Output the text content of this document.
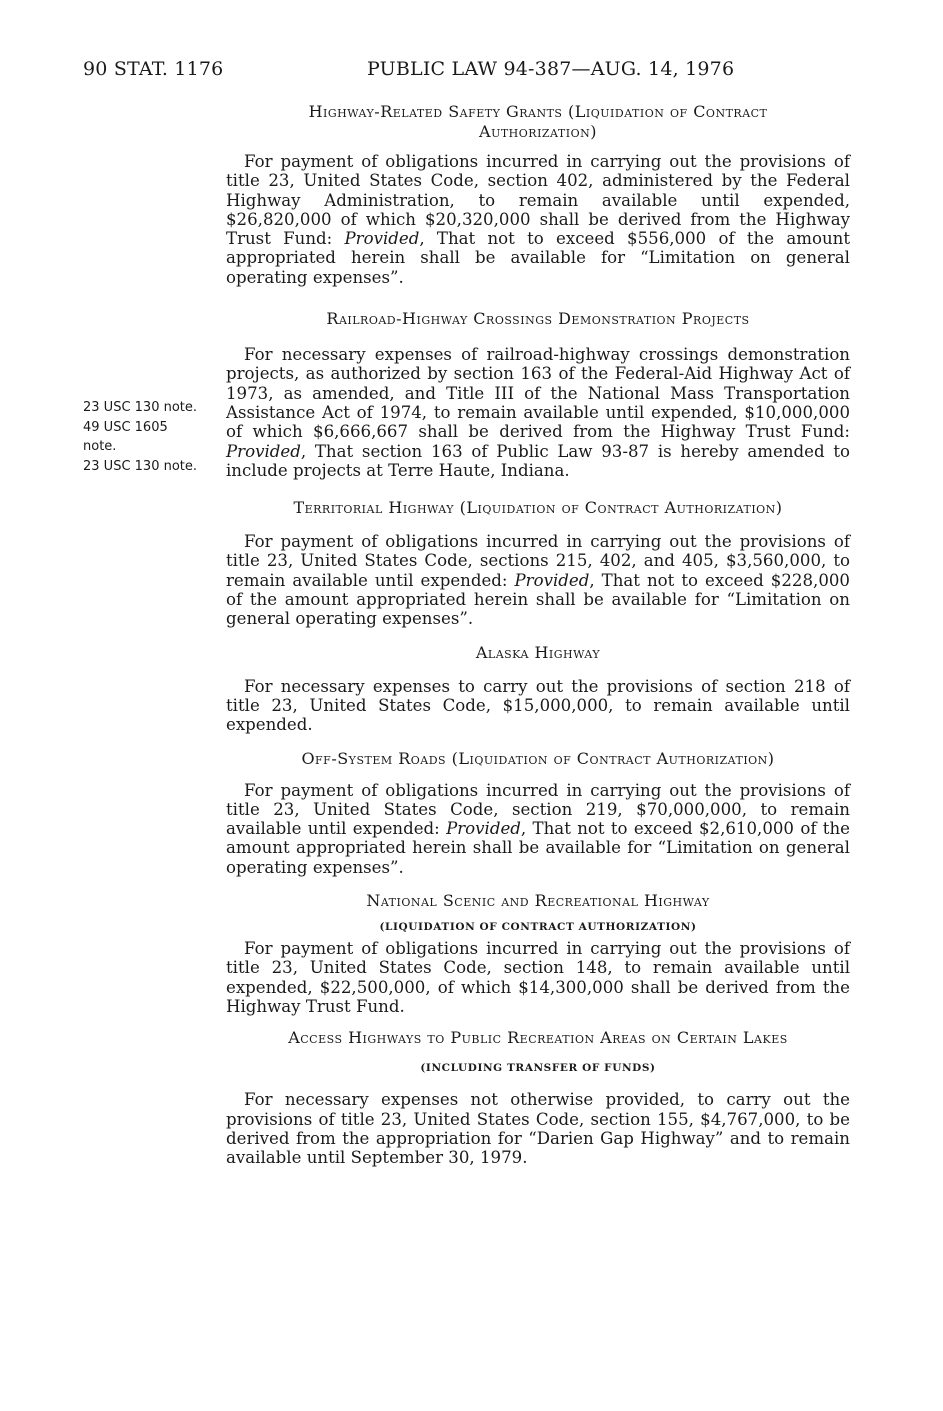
90 STAT. 1176	PUBLIC LAW 94-387—AUG. 14, 1976
23 USC 130 note.
49 USC 1605
note.
23 USC 130 note.

Highway-Related Safety Grants (Liquidation of Contract Authorization)

For payment of obligations incurred in carrying out the provisions of title 23, United States Code, section 402, administered by the Federal Highway Administration, to remain available until expended, $26,820,000 of which $20,320,000 shall be derived from the Highway Trust Fund: Provided, That not to exceed $556,000 of the amount appropriated herein shall be available for “Limitation on general operating expenses”.

Railroad-Highway Crossings Demonstration Projects

For necessary expenses of railroad-highway crossings demonstration projects, as authorized by section 163 of the Federal-Aid Highway Act of 1973, as amended, and Title III of the National Mass Transportation Assistance Act of 1974, to remain available until expended, $10,000,000 of which $6,666,667 shall be derived from the Highway Trust Fund: Provided, That section 163 of Public Law 93-87 is hereby amended to include projects at Terre Haute, Indiana.

Territorial Highway (Liquidation of Contract Authorization)

For payment of obligations incurred in carrying out the provisions of title 23, United States Code, sections 215, 402, and 405, $3,560,000, to remain available until expended: Provided, That not to exceed $228,000 of the amount appropriated herein shall be available for “Limitation on general operating expenses”.

Alaska Highway

For necessary expenses to carry out the provisions of section 218 of title 23, United States Code, $15,000,000, to remain available until expended.

Off-System Roads (Liquidation of Contract Authorization)

For payment of obligations incurred in carrying out the provisions of title 23, United States Code, section 219, $70,000,000, to remain available until expended: Provided, That not to exceed $2,610,000 of the amount appropriated herein shall be available for “Limitation on general operating expenses”.

National Scenic and Recreational Highway

(LIQUIDATION OF CONTRACT AUTHORIZATION)

For payment of obligations incurred in carrying out the provisions of title 23, United States Code, section 148, to remain available until expended, $22,500,000, of which $14,300,000 shall be derived from the Highway Trust Fund.

Access Highways to Public Recreation Areas on Certain Lakes

(INCLUDING TRANSFER OF FUNDS)

For necessary expenses not otherwise provided, to carry out the provisions of title 23, United States Code, section 155, $4,767,000, to be derived from the appropriation for “Darien Gap Highway” and to remain available until September 30, 1979.
